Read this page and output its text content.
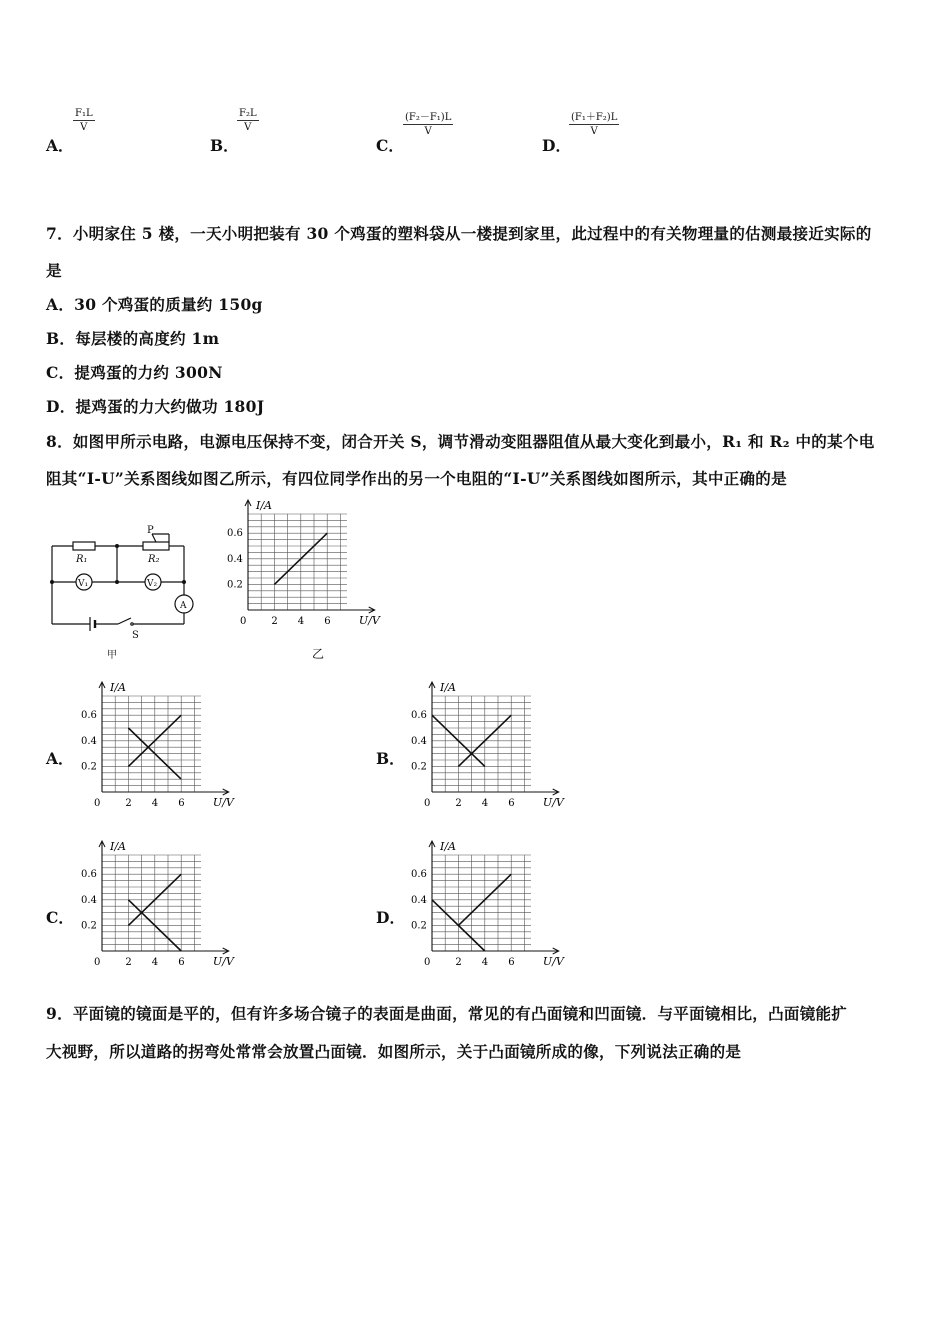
A．
$\frac{\text{F₁L}}{V}$
B．
$\frac{\text{F₂L}}{V}$
C．
$\frac{\text{(F₂－F₁)L}}{V}$
D．
$\frac{\text{(F₁＋F₂)L}}{V}$
7．小明家住 5 楼，一天小明把装有 30 个鸡蛋的塑料袋从一楼提到家里，此过程中的有关物理量的估测最接近实际的
是
A．30 个鸡蛋的质量约 150g
B．每层楼的高度约 1m
C．提鸡蛋的力约 300N
D．提鸡蛋的力大约做功 180J
8．如图甲所示电路，电源电压保持不变，闭合开关 S，调节滑动变阻器阻值从最大变化到最小，R₁ 和 R₂ 中的某个电
阻其“I-U”关系图线如图乙所示，有四位同学作出的另一个电阻的“I-U”关系图线如图所示，其中正确的是
P
R₁	R₂
V₁	V₂
A
S
甲
I/A
U/V
0	2 4 6
0.6
0.4
0.2
乙
A．
I/A
U/V
0	2 4 6
0.6
0.4
0.2	B．
I/A
U/V
0	2 4 6
0.6
0.4
0.2
C．
I/A
U/V
0	2 4 6
0.6
0.4
0.2	D．
I/A
U/V
0	2 4 6
0.6
0.4
0.2
9．平面镜的镜面是平的，但有许多场合镜子的表面是曲面，常见的有凸面镜和凹面镜．与平面镜相比，凸面镜能扩
大视野，所以道路的拐弯处常常会放置凸面镜．如图所示，关于凸面镜所成的像，下列说法正确的是
